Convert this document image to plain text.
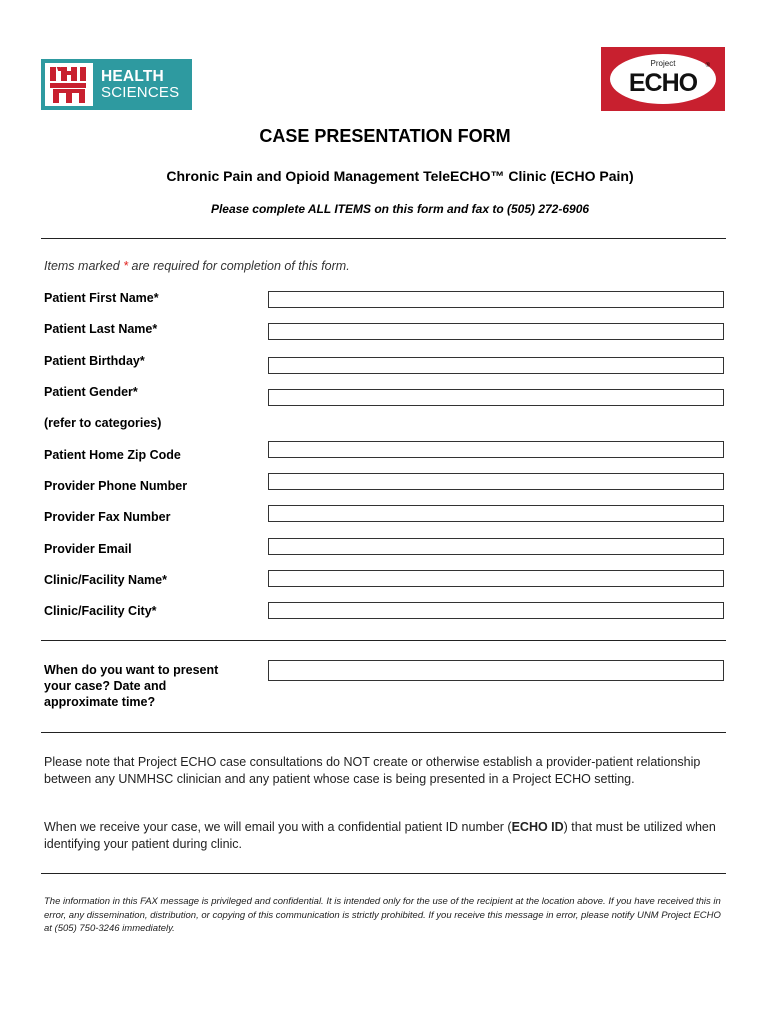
HEALTH
SCIENCES
Project
ECHO
®
CASE PRESENTATION FORM
Chronic Pain and Opioid Management TeleECHO™ Clinic (ECHO Pain)
Please complete ALL ITEMS on this form and fax to (505) 272-6906
Items marked * are required for completion of this form.
Patient First Name*
Patient Last Name*
Patient Birthday*
Patient Gender*
(refer to categories)
Patient Home Zip Code
Provider Phone Number
Provider Fax Number
Provider Email
Clinic/Facility Name*
Clinic/Facility City*
When do you want to present
your case? Date and
approximate time?
Please note that Project ECHO case consultations do NOT create or otherwise establish a provider-patient relationship between any UNMHSC clinician and any patient whose case is being presented in a Project ECHO setting.
When we receive your case, we will email you with a confidential patient ID number (ECHO ID) that must be utilized when identifying your patient during clinic.
The information in this FAX message is privileged and confidential. It is intended only for the use of the recipient at the location above. If you have received this in error, any dissemination, distribution, or copying of this communication is strictly prohibited. If you receive this message in error, please notify UNM Project ECHO at (505) 750-3246 immediately.
